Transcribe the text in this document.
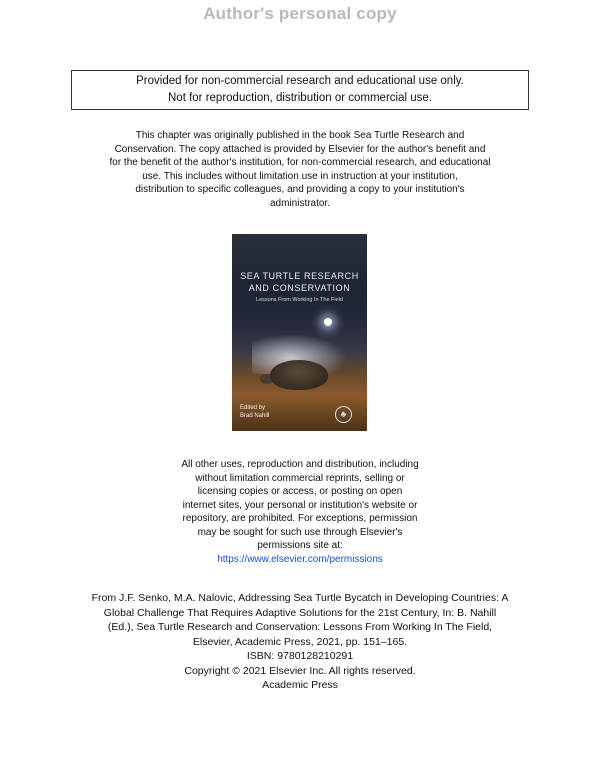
Author's personal copy
Provided for non-commercial research and educational use only.
Not for reproduction, distribution or commercial use.
This chapter was originally published in the book Sea Turtle Research and
Conservation. The copy attached is provided by Elsevier for the author's benefit and
for the benefit of the author's institution, for non-commercial research, and educational
use. This includes without limitation use in instruction at your institution,
distribution to specific colleagues, and providing a copy to your institution's
administrator.
SEA TURTLE RESEARCH
AND CONSERVATION
Lessons From Working In The Field
Edited by
Brad Nahill	♣
All other uses, reproduction and distribution, including
without limitation commercial reprints, selling or
licensing copies or access, or posting on open
internet sites, your personal or institution's website or
repository, are prohibited. For exceptions, permission
may be sought for such use through Elsevier's
permissions site at:
https://www.elsevier.com/permissions
From J.F. Senko, M.A. Nalovic, Addressing Sea Turtle Bycatch in Developing Countries: A
Global Challenge That Requires Adaptive Solutions for the 21st Century, In: B. Nahill
(Ed.), Sea Turtle Research and Conservation: Lessons From Working In The Field,
Elsevier, Academic Press, 2021, pp. 151–165.
ISBN: 9780128210291
Copyright © 2021 Elsevier Inc. All rights reserved.
Academic Press
